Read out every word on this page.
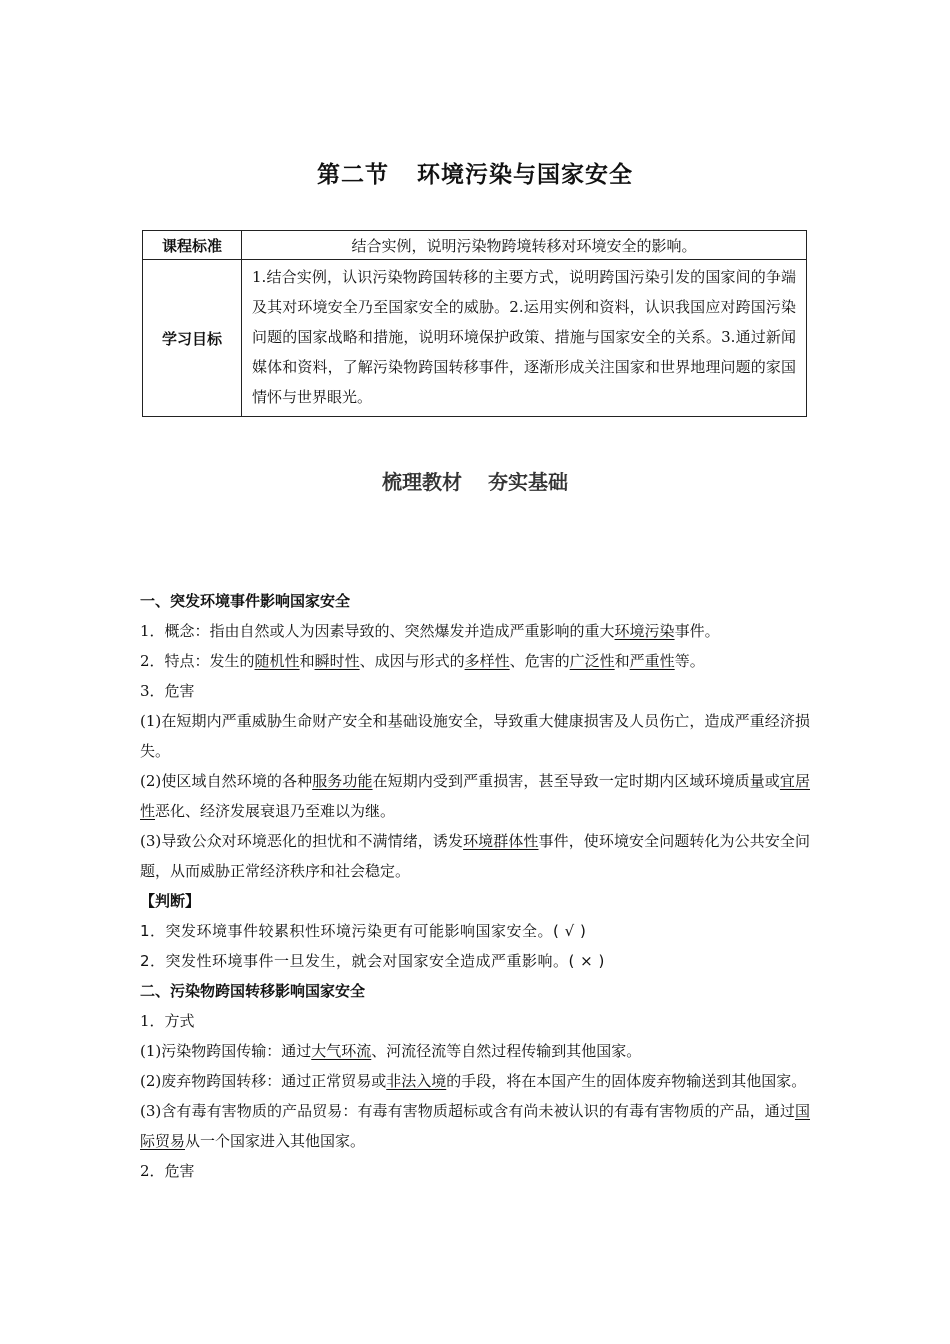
第二节 环境污染与国家安全
课程标准	结合实例，说明污染物跨境转移对环境安全的影响。
学习目标	1.结合实例，认识污染物跨国转移的主要方式，说明跨国污染引发的国家间的争端及其对环境安全乃至国家安全的威胁。2.运用实例和资料，认识我国应对跨国污染问题的国家战略和措施，说明环境保护政策、措施与国家安全的关系。3.通过新闻媒体和资料，了解污染物跨国转移事件，逐渐形成关注国家和世界地理问题的家国情怀与世界眼光。
梳理教材 夯实基础

一、突发环境事件影响国家安全

1．概念：指由自然或人为因素导致的、突然爆发并造成严重影响的重大环境污染事件。

2．特点：发生的随机性和瞬时性、成因与形式的多样性、危害的广泛性和严重性等。

3．危害

(1)在短期内严重威胁生命财产安全和基础设施安全，导致重大健康损害及人员伤亡，造成严重经济损失。

(2)使区域自然环境的各种服务功能在短期内受到严重损害，甚至导致一定时期内区域环境质量或宜居性恶化、经济发展衰退乃至难以为继。

(3)导致公众对环境恶化的担忧和不满情绪，诱发环境群体性事件，使环境安全问题转化为公共安全问题，从而威胁正常经济秩序和社会稳定。

【判断】

1．突发环境事件较累积性环境污染更有可能影响国家安全。( √ )

2．突发性环境事件一旦发生，就会对国家安全造成严重影响。( × )

二、污染物跨国转移影响国家安全

1．方式

(1)污染物跨国传输：通过大气环流、河流径流等自然过程传输到其他国家。

(2)废弃物跨国转移：通过正常贸易或非法入境的手段，将在本国产生的固体废弃物输送到其他国家。

(3)含有毒有害物质的产品贸易：有毒有害物质超标或含有尚未被认识的有毒有害物质的产品，通过国际贸易从一个国家进入其他国家。

2．危害
